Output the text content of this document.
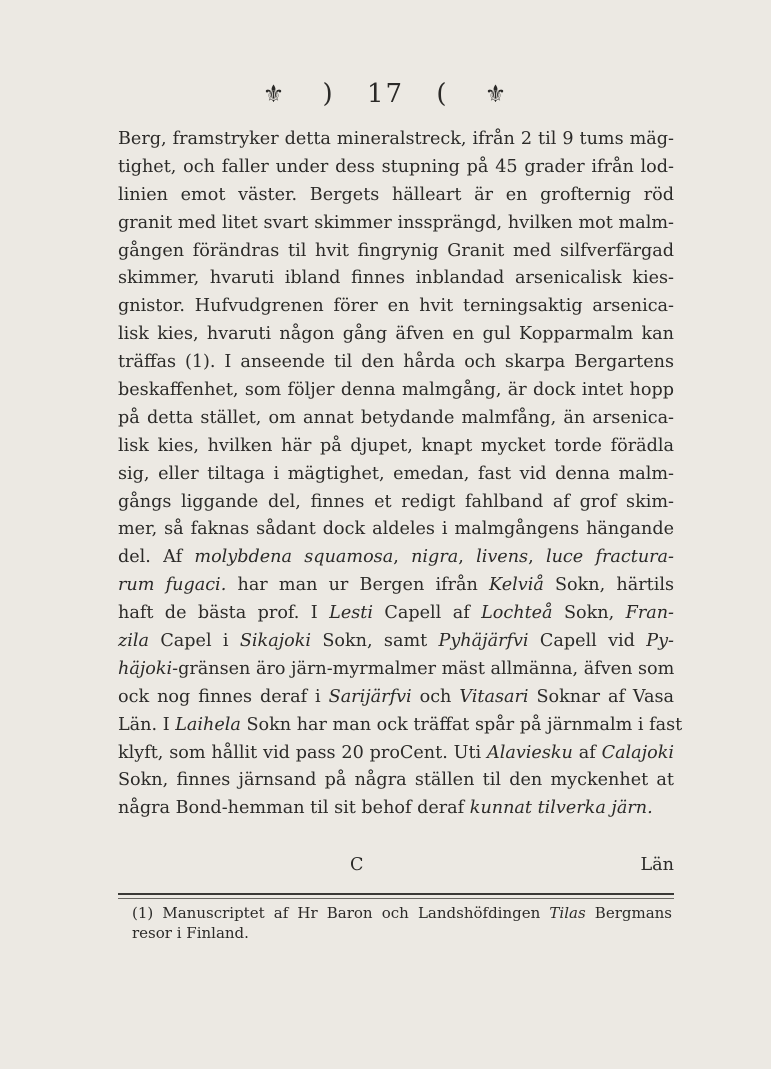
⚜ ) 17 ( ⚜
Berg, framstryker detta mineralstreck, ifrån 2 til 9 tums mäg-
tighet, och faller under dess stupning på 45 grader ifrån lod-
linien emot väster. Bergets hälleart är en grofternig röd
granit med litet svart skimmer inssprängd, hvilken mot malm-
gången förändras til hvit fingrynig Granit med silfverfärgad
skimmer, hvaruti ibland finnes inblandad arsenicalisk kies-
gnistor. Hufvudgrenen förer en hvit terningsaktig arsenica-
lisk kies, hvaruti någon gång äfven en gul Kopparmalm kan
träffas (1). I anseende til den hårda och skarpa Bergartens
beskaffenhet, som följer denna malmgång, är dock intet hopp
på detta stället, om annat betydande malmfång, än arsenica-
lisk kies, hvilken här på djupet, knapt mycket torde förädla
sig, eller tiltaga i mägtighet, emedan, fast vid denna malm-
gångs liggande del, finnes et redigt fahlband af grof skim-
mer, så faknas sådant dock aldeles i malmgångens hängande
del. Af molybdena squamosa, nigra, livens, luce fractura-
rum fugaci. har man ur Bergen ifrån Kelviå Sokn, härtils
haft de bästa prof. I Lesti Capell af Lochteå Sokn, Fran-
zila Capel i Sikajoki Sokn, samt Pyhäjärfvi Capell vid Py-
häjoki-gränsen äro järn-myrmalmer mäst allmänna, äfven som
ock nog finnes deraf i Sarijärfvi och Vitasari Soknar af Vasa
Län. I Laihela Sokn har man ock träffat spår på järnmalm i fast
klyft, som hållit vid pass 20 proCent. Uti Alaviesku af Calajoki
Sokn, finnes järnsand på några ställen til den myckenhet at
några Bond-hemman til sit behof deraf kunnat tilverka järn.
C	Län
(1) Manuscriptet af Hr Baron och Landshöfdingen Tilas Bergmans
resor i Finland.
